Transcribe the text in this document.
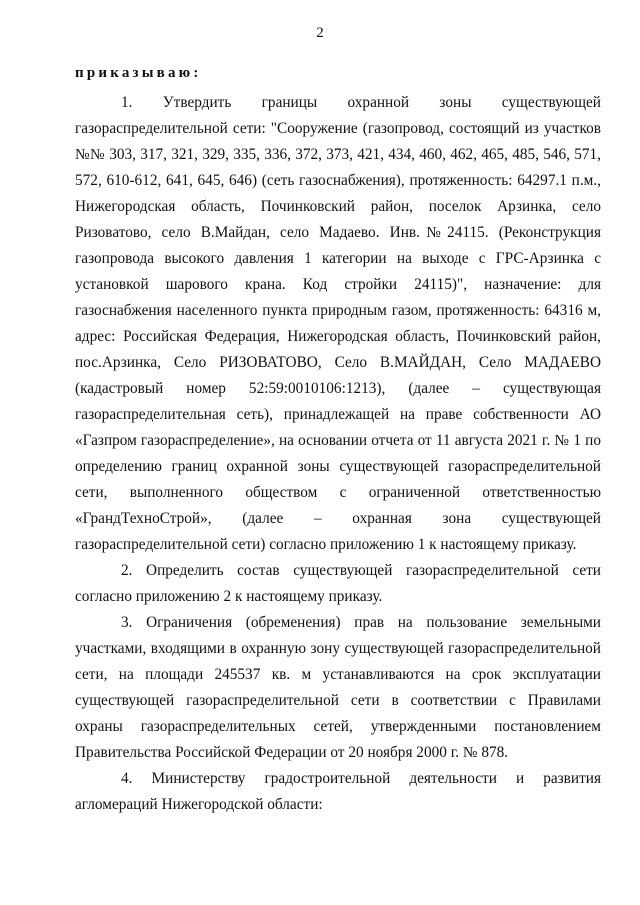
2
приказываю:

1. Утвердить границы охранной зоны существующей газораспределительной сети: "Сооружение (газопровод, состоящий из участков №№ 303, 317, 321, 329, 335, 336, 372, 373, 421, 434, 460, 462, 465, 485, 546, 571, 572, 610-612, 641, 645, 646) (сеть газоснабжения), протяженность: 64297.1 п.м., Нижегородская область, Починковский район, поселок Арзинка, село Ризоватово, село В.Майдан, село Мадаево. Инв.№24115. (Реконструкция газопровода высокого давления 1 категории на выходе с ГРС-Арзинка с установкой шарового крана. Код стройки 24115)", назначение: для газоснабжения населенного пункта природным газом, протяженность: 64316 м, адрес: Российская Федерация, Нижегородская область, Починковский район, пос.Арзинка, Село РИЗОВАТОВО, Село В.МАЙДАН, Село МАДАЕВО (кадастровый номер 52:59:0010106:1213), (далее – существующая газораспределительная сеть), принадлежащей на праве собственности АО «Газпром газораспределение», на основании отчета от 11 августа 2021 г. № 1 по определению границ охранной зоны существующей газораспределительной сети, выполненного обществом с ограниченной ответственностью «ГрандТехноСтрой», (далее – охранная зона существующей газораспределительной сети) согласно приложению 1 к настоящему приказу.

2. Определить состав существующей газораспределительной сети согласно приложению 2 к настоящему приказу.

3. Ограничения (обременения) прав на пользование земельными участками, входящими в охранную зону существующей газораспределительной сети, на площади 245537 кв. м устанавливаются на срок эксплуатации существующей газораспределительной сети в соответствии с Правилами охраны газораспределительных сетей, утвержденными постановлением Правительства Российской Федерации от 20 ноября 2000 г. № 878.

4. Министерству градостроительной деятельности и развития агломераций Нижегородской области:
